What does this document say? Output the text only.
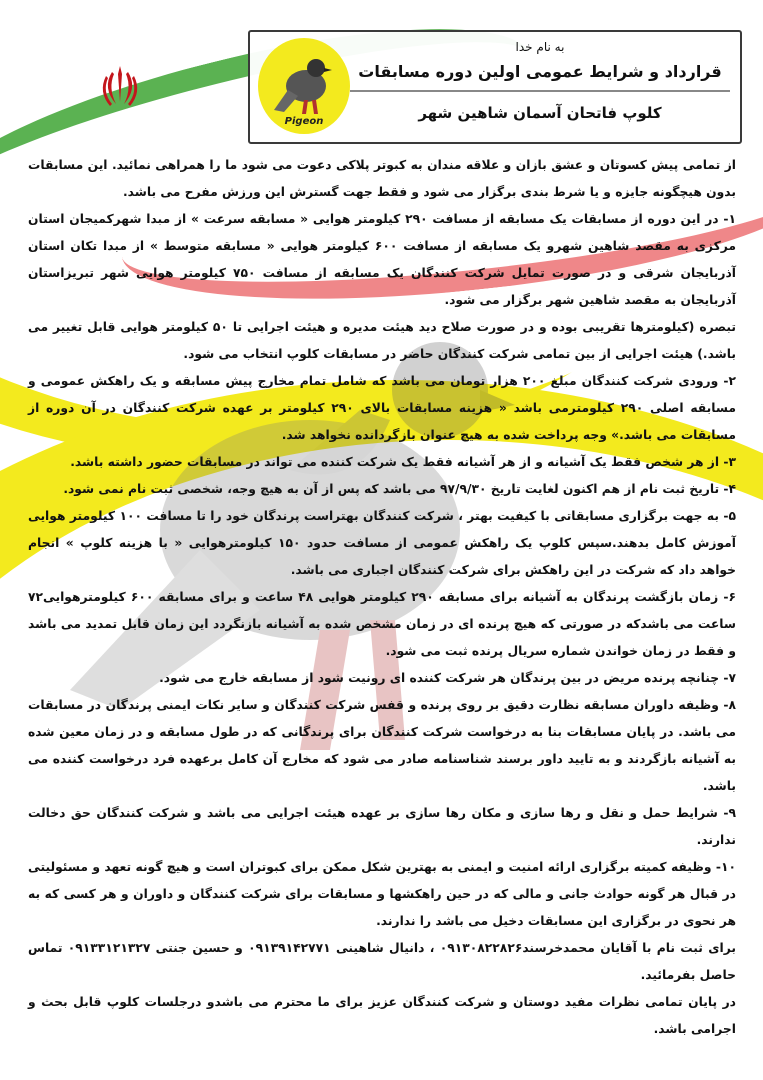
Pigeon
به نام خدا
قرارداد و شرایط عمومی اولین دوره مسابقات
کلوپ فاتحان آسمان شاهین شهر

از تمامی پیش کسوتان و عشق بازان و علاقه مندان به کبوتر پلاکی دعوت می شود ما را همراهی نمائید. این مسابقات بدون هیچگونه جایزه و یا شرط بندی برگزار می شود و فقط جهت گسترش این ورزش مفرح می باشد.

۱- در این دوره از مسابقات یک مسابقه از مسافت ۲۹۰ کیلومتر هوایی « مسابقه سرعت » از مبدا شهرکمیجان استان مرکزی به مقصد شاهین شهرو یک مسابقه از مسافت ۶۰۰ کیلومتر هوایی « مسابقه متوسط » از مبدا تکان استان آذربایجان شرقی و در صورت تمایل شرکت کنندگان یک مسابقه از مسافت ۷۵۰ کیلومتر هوایی شهر تبریزاستان آذربایجان به مقصد شاهین شهر برگزار می شود.

تبصره (کیلومترها تقریبی بوده و در صورت صلاح دید هیئت مدیره و هیئت اجرایی تا ۵۰ کیلومتر هوایی قابل تغییر می باشد.) هیئت اجرایی از بین تمامی شرکت کنندگان حاضر در مسابقات کلوپ انتخاب می شود.

۲- ورودی شرکت کنندگان مبلغ ۲۰۰ هزار تومان می باشد که شامل تمام مخارج پیش مسابقه و یک راهکش عمومی و مسابقه اصلی ۲۹۰ کیلومترمی باشد « هزینه مسابقات بالای ۲۹۰ کیلومتر بر عهده شرکت کنندگان در آن دوره از مسابقات می باشد.» وجه پرداخت شده به هیچ عنوان بازگردانده نخواهد شد.

۳- از هر شخص فقط یک آشیانه و از هر آشیانه فقط یک شرکت کننده می تواند در مسابقات حضور داشته باشد.

۴- تاریخ ثبت نام از هم اکنون لغایت تاریخ ۹۷/۹/۳۰ می باشد که پس از آن به هیچ وجه، شخصی ثبت نام نمی شود.

۵- به جهت برگزاری مسابقاتی با کیفیت بهتر ، شرکت کنندگان بهتراست پرندگان خود را تا مسافت ۱۰۰ کیلومتر هوایی آموزش کامل بدهند.سپس کلوپ یک راهکش عمومی از مسافت حدود ۱۵۰ کیلومترهوایی « با هزینه کلوپ » انجام خواهد داد که شرکت در این راهکش برای شرکت کنندگان اجباری می باشد.

۶- زمان بازگشت پرندگان به آشیانه برای مسابقه ۲۹۰ کیلومتر هوایی ۴۸ ساعت و برای مسابقه ۶۰۰ کیلومترهوایی۷۲ ساعت می باشدکه در صورتی که هیچ پرنده ای در زمان مشخص شده به آشیانه بازنگردد این زمان قابل تمدید می باشد و فقط در زمان خواندن شماره سریال پرنده ثبت می شود.

۷- چنانچه پرنده مریض در بین پرندگان هر شرکت کننده ای رونیت شود از مسابقه خارج می شود.

۸- وظیفه داوران مسابقه نظارت دقیق بر روی پرنده و قفس شرکت کنندگان و سایر نکات ایمنی پرندگان در مسابقات می باشد. در پایان مسابقات بنا به درخواست شرکت کنندگان برای پرندگانی که در طول مسابقه و در زمان معین شده به آشیانه بازگردند و به تایید داور برسند شناسنامه صادر می شود که مخارج آن کامل برعهده فرد درخواست کننده می باشد.

۹- شرایط حمل و نقل و رها سازی و مکان رها سازی بر عهده هیئت اجرایی می باشد و شرکت کنندگان حق دخالت ندارند.

۱۰- وظیفه کمیته برگزاری ارائه امنیت و ایمنی به بهترین شکل ممکن برای کبوتران است و هیچ گونه تعهد و مسئولیتی در قبال هر گونه حوادث جانی و مالی که در حین راهکشها و مسابقات برای شرکت کنندگان و داوران و هر کسی که به هر نحوی در برگزاری این مسابقات دخیل می باشد را ندارند.

برای ثبت نام با آقایان محمدخرسند۰۹۱۳۰۸۲۲۸۲۶ ، دانیال شاهینی ۰۹۱۳۹۱۴۲۷۷۱ و حسین جنتی ۰۹۱۳۳۱۲۱۳۲۷ تماس حاصل بفرمائید.

در پایان تمامی نظرات مفید دوستان و شرکت کنندگان عزیز برای ما محترم می باشدو درجلسات کلوپ قابل بحث و اجرامی باشد.
